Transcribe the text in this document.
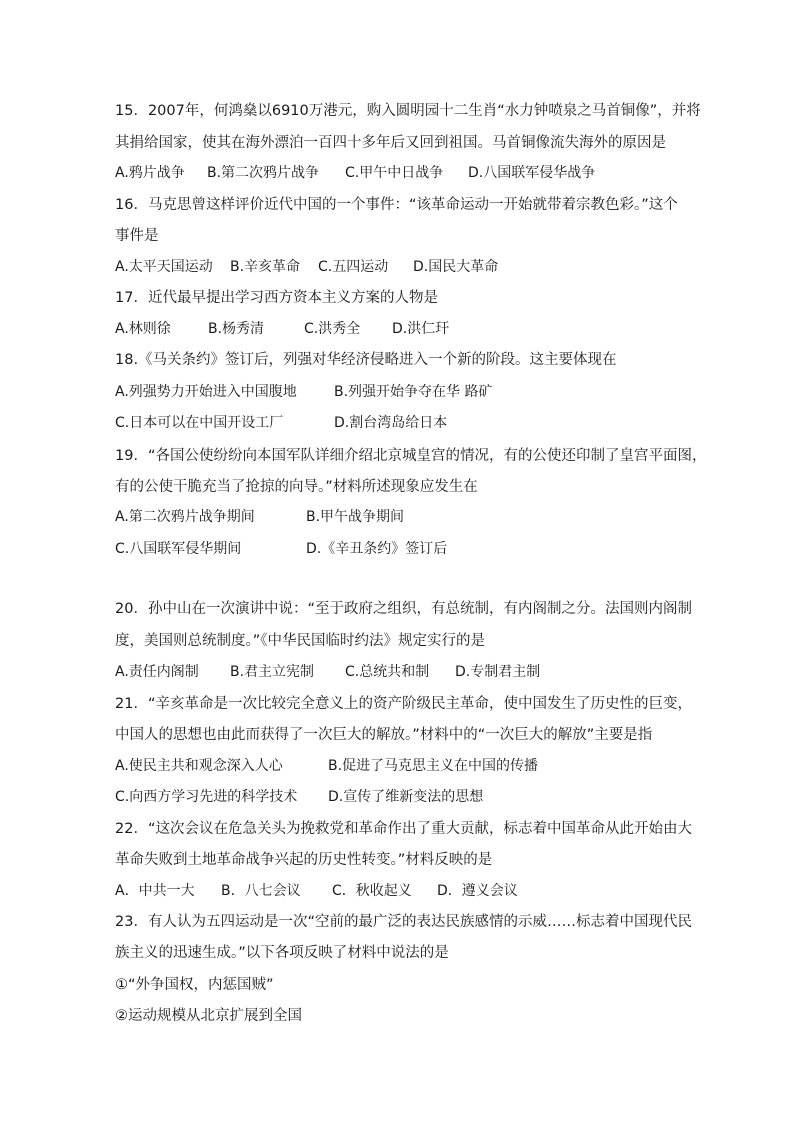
15．2007年，何鸿燊以6910万港元，购入圆明园十二生肖“水力钟喷泉之马首铜像”，并将
其捐给国家，使其在海外漂泊一百四十多年后又回到祖国。马首铜像流失海外的原因是
A.鸦片战争 B.第二次鸦片战争 C.甲午中日战争 D.八国联军侵华战争
16．马克思曾这样评价近代中国的一个事件：“该革命运动一开始就带着宗教色彩。”这个
事件是
A.太平天国运动 B.辛亥革命 C.五四运动 D.国民大革命
17．近代最早提出学习西方资本主义方案的人物是
A.林则徐	B.杨秀清	C.洪秀全 D.洪仁玕
18.《马关条约》签订后，列强对华经济侵略进入一个新的阶段。这主要体现在
A.列强势力开始进入中国腹地	B.列强开始争夺在华 路矿
C.日本可以在中国开设工厂	D.割台湾岛给日本
19．“各国公使纷纷向本国军队详细介绍北京城皇宫的情况，有的公使还印制了皇宫平面图，
有的公使干脆充当了抢掠的向导。”材料所述现象应发生在
A.第二次鸦片战争期间	B.甲午战争期间
C.八国联军侵华期间	D.《辛丑条约》签订后
20．孙中山在一次演讲中说：“至于政府之组织，有总统制，有内阁制之分。法国则内阁制
度，美国则总统制度。”《中华民国临时约法》规定实行的是
A.责任内阁制 B.君主立宪制 C.总统共和制 D.专制君主制
21．“辛亥革命是一次比较完全意义上的资产阶级民主革命，使中国发生了历史性的巨变，
中国人的思想也由此而获得了一次巨大的解放。”材料中的“一次巨大的解放”主要是指
A.使民主共和观念深入人心	B.促进了马克思主义在中国的传播
C.向西方学习先进的科学技术 D.宣传了维新变法的思想
22．“这次会议在危急关头为挽救党和革命作出了重大贡献，标志着中国革命从此开始由大
革命失败到土地革命战争兴起的历史性转变。”材料反映的是
A．中共一大 B．八七会议 C．秋收起义 D．遵义会议
23．有人认为五四运动是一次“空前的最广泛的表达民族感情的示威……标志着中国现代民
族主义的迅速生成。”以下各项反映了材料中说法的是
①“外争国权，内惩国贼”
②运动规模从北京扩展到全国
